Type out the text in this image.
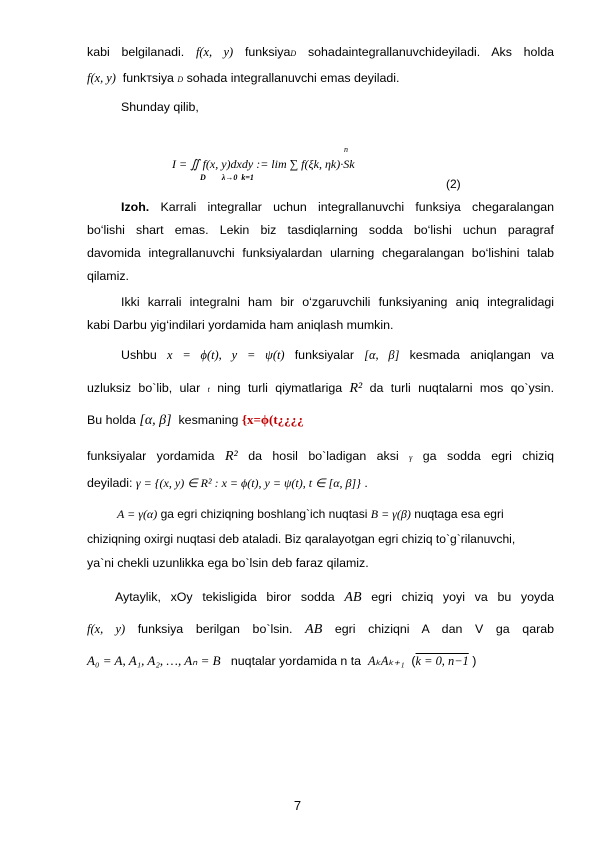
kabi belgilanadi. f(x, y) funksiyaD sohadaintegrallanuvchideyiladi. Aks holda
f(x, y) funkтsiya D sohada integrallanuvchi emas deyiladi.
Shunday qilib,
n
I = ∬ f(x, y)dxdy := lim ∑ f(ξk, ηk)·Sk
D        λ→0  k=1	(2)
Izoh. Karrali integrallar uchun integrallanuvchi funksiya chegaralangan
bo‘lishi shart emas. Lekin biz tasdiqlarning sodda bo‘lishi uchun paragraf
davomida integrallanuvchi funksiyalardan ularning chegaralangan bo‘lishini talab
qilamiz.
Ikki karrali integralni ham bir o‘zgaruvchili funksiyaning aniq integralidagi
kabi Darbu yig‘indilari yordamida ham aniqlash mumkin.
Ushbu x = ϕ(t), y = ψ(t) funksiyalar [α, β] kesmada aniqlangan va
uzluksiz bo`lib, ular t ning turli qiymatlariga R² da turli nuqtalarni mos qo`ysin.
Bu holda [α, β] kesmaning {x=ϕ(t¿¿¿¿
funksiyalar yordamida R² da hosil bo`ladigan aksi γ ga sodda egri chiziq
deyiladi: γ = {(x, y) ∈ R² : x = ϕ(t), y = ψ(t), t ∈ [α, β]} .
A = γ(α) ga egri chiziqning boshlang`ich nuqtasi B = γ(β) nuqtaga esa egri
chiziqning oxirgi nuqtasi deb ataladi. Biz qaralayotgan egri chiziq to`g`rilanuvchi,
ya`ni chekli uzunlikka ega bo`lsin deb faraz qilamiz.
Aytaylik, xOy tekisligida biror sodda AB egri chiziq yoyi va bu yoyda
f(x, y) funksiya berilgan bo`lsin. AB egri chiziqni A dan V ga qarab
A₀ = A, A₁, A₂, …, Aₙ = B nuqtalar yordamida n ta AₖAₖ₊₁ (k = 0, n−1 )
7
